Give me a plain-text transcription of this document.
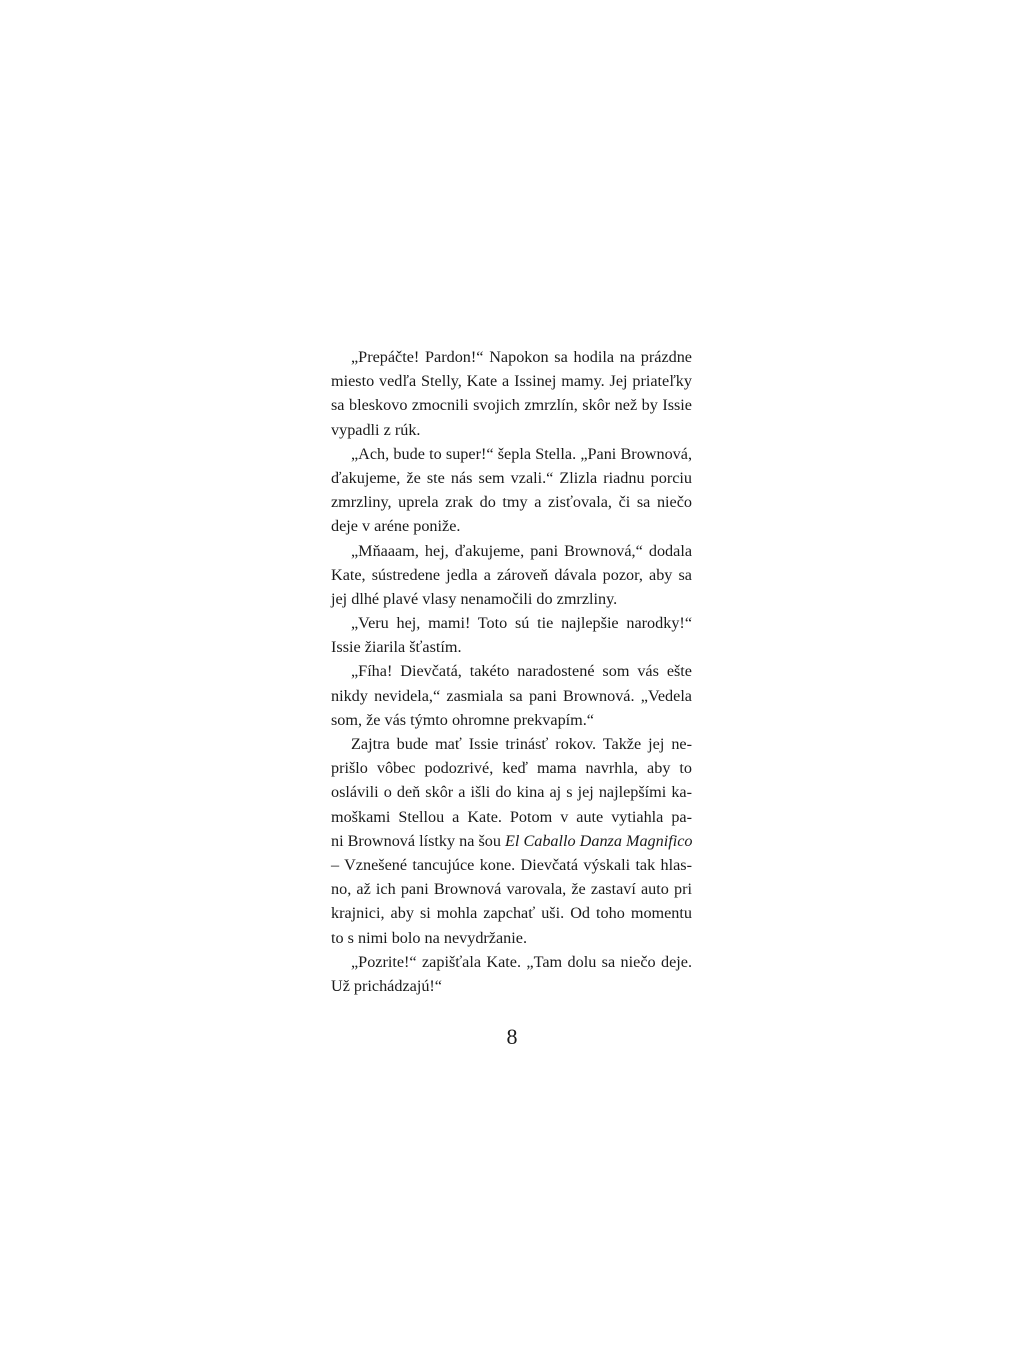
„Prepáčte! Pardon!“ Napokon sa hodila na prázdne
miesto vedľa Stelly, Kate a Issinej mamy. Jej priateľky
sa bleskovo zmocnili svojich zmrzlín, skôr než by Issie
vypadli z rúk.
„Ach, bude to super!“ šepla Stella. „Pani Brownová,
ďakujeme, že ste nás sem vzali.“ Zlizla riadnu porciu
zmrzliny, uprela zrak do tmy a zisťovala, či sa niečo
deje v aréne poniže.
„Mňaaam, hej, ďakujeme, pani Brownová,“ dodala
Kate, sústredene jedla a zároveň dávala pozor, aby sa
jej dlhé plavé vlasy nenamočili do zmrzliny.
„Veru hej, mami! Toto sú tie najlepšie narodky!“
Issie žiarila šťastím.
„Fíha! Dievčatá, takéto naradostené som vás ešte
nikdy nevidela,“ zasmiala sa pani Brownová. „Vedela
som, že vás týmto ohromne prekvapím.“
Zajtra bude mať Issie trinásť rokov. Takže jej ne-
prišlo vôbec podozrivé, keď mama navrhla, aby to
oslávili o deň skôr a išli do kina aj s jej najlepšími ka-
moškami Stellou a Kate. Potom v aute vytiahla pa-
ni Brownová lístky na šou El Caballo Danza Magnifico
– Vznešené tancujúce kone. Dievčatá výskali tak hlas-
no, až ich pani Brownová varovala, že zastaví auto pri
krajnici, aby si mohla zapchať uši. Od toho momentu
to s nimi bolo na nevydržanie.
„Pozrite!“ zapišťala Kate. „Tam dolu sa niečo deje.
Už prichádzajú!“
8
